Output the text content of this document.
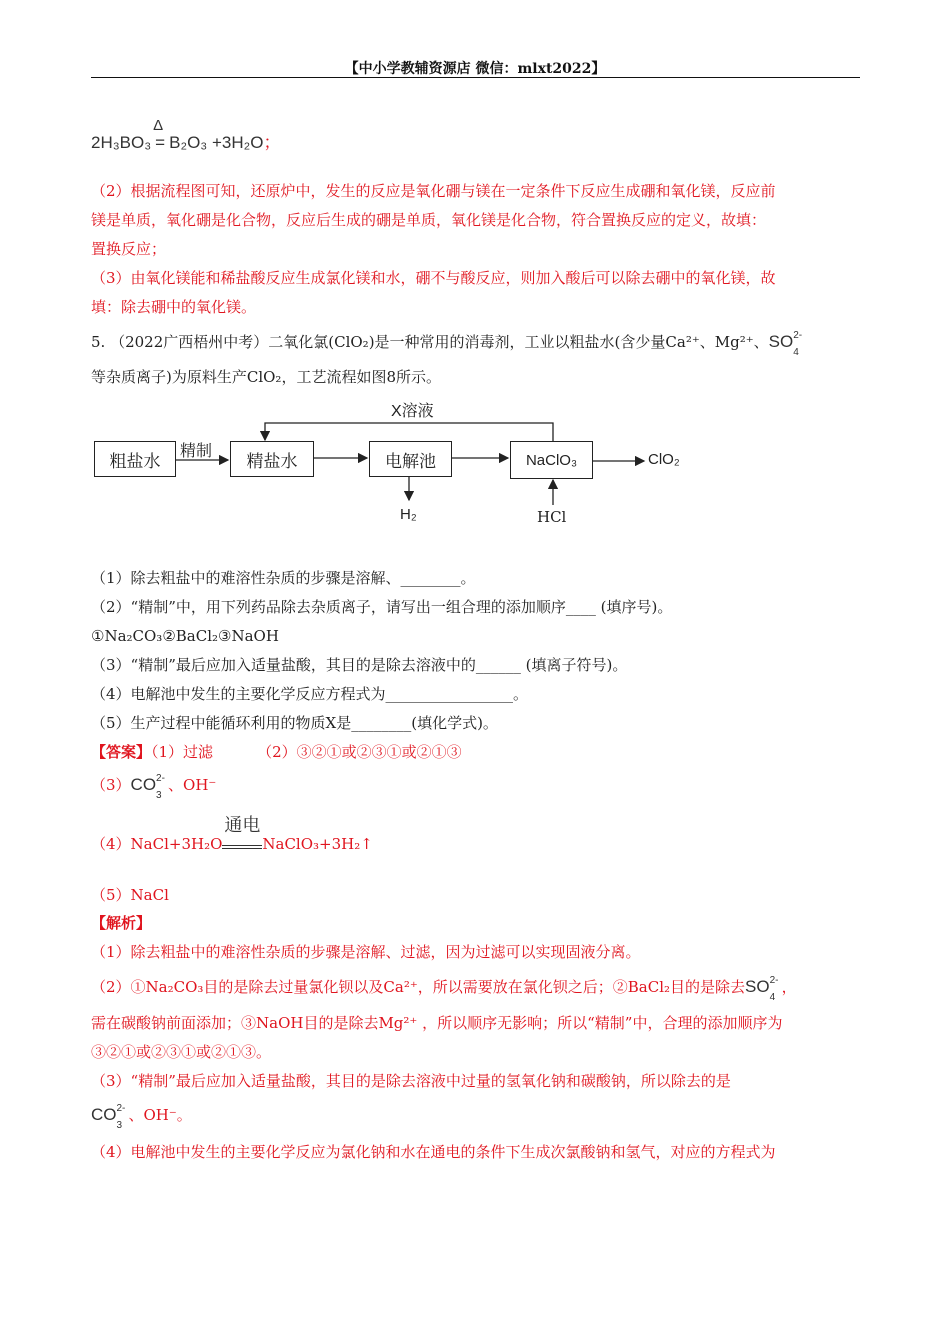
【中小学教辅资源店 微信：mlxt2022】
2H₃BO₃ =
Δ
B₂O₃ +3H₂O；
（2）根据流程图可知，还原炉中，发生的反应是氧化硼与镁在一定条件下反应生成硼和氧化镁，反应前
镁是单质，氧化硼是化合物，反应后生成的硼是单质，氧化镁是化合物，符合置换反应的定义，故填：
置换反应；
（3）由氧化镁能和稀盐酸反应生成氯化镁和水，硼不与酸反应，则加入酸后可以除去硼中的氧化镁，故
填：除去硼中的氧化镁。
5. （2022广西梧州中考）二氧化氯(ClO₂)是一种常用的消毒剂，工业以粗盐水(含少量Ca²⁺、Mg²⁺、SO 2-
4
等杂质离子)为原料生产ClO₂，工艺流程如图8所示。
X溶液
粗盐水 精制 精盐水	电解池	NaClO₃	ClO₂
H₂	HCl
（1）除去粗盐中的难溶性杂质的步骤是溶解、________。
（2）“精制”中，用下列药品除去杂质离子，请写出一组合理的添加顺序____ (填序号)。
①Na₂CO₃②BaCl₂③NaOH
（3）“精制”最后应加入适量盐酸，其目的是除去溶液中的______ (填离子符号)。
（4）电解池中发生的主要化学反应方程式为_________________。
（5）生产过程中能循环利用的物质X是________(填化学式)。
【答案】（1）过滤	（2）③②①或②③①或②①③
（3）CO 2-
3
、OH⁻
（4）NaCl+3H₂O
通电
NaClO₃+3H₂↑
（5）NaCl
【解析】
（1）除去粗盐中的难溶性杂质的步骤是溶解、过滤，因为过滤可以实现固液分离。
（2）①Na₂CO₃目的是除去过量氯化钡以及Ca²⁺，所以需要放在氯化钡之后；②BaCl₂目的是除去SO 2-
4
，
需在碳酸钠前面添加；③NaOH目的是除去Mg²⁺ ，所以顺序无影响；所以“精制”中，合理的添加顺序为
③②①或②③①或②①③。
（3）“精制”最后应加入适量盐酸，其目的是除去溶液中过量的氢氧化钠和碳酸钠，所以除去的是
CO 2-
3
、OH⁻。
（4）电解池中发生的主要化学反应为氯化钠和水在通电的条件下生成次氯酸钠和氢气，对应的方程式为
